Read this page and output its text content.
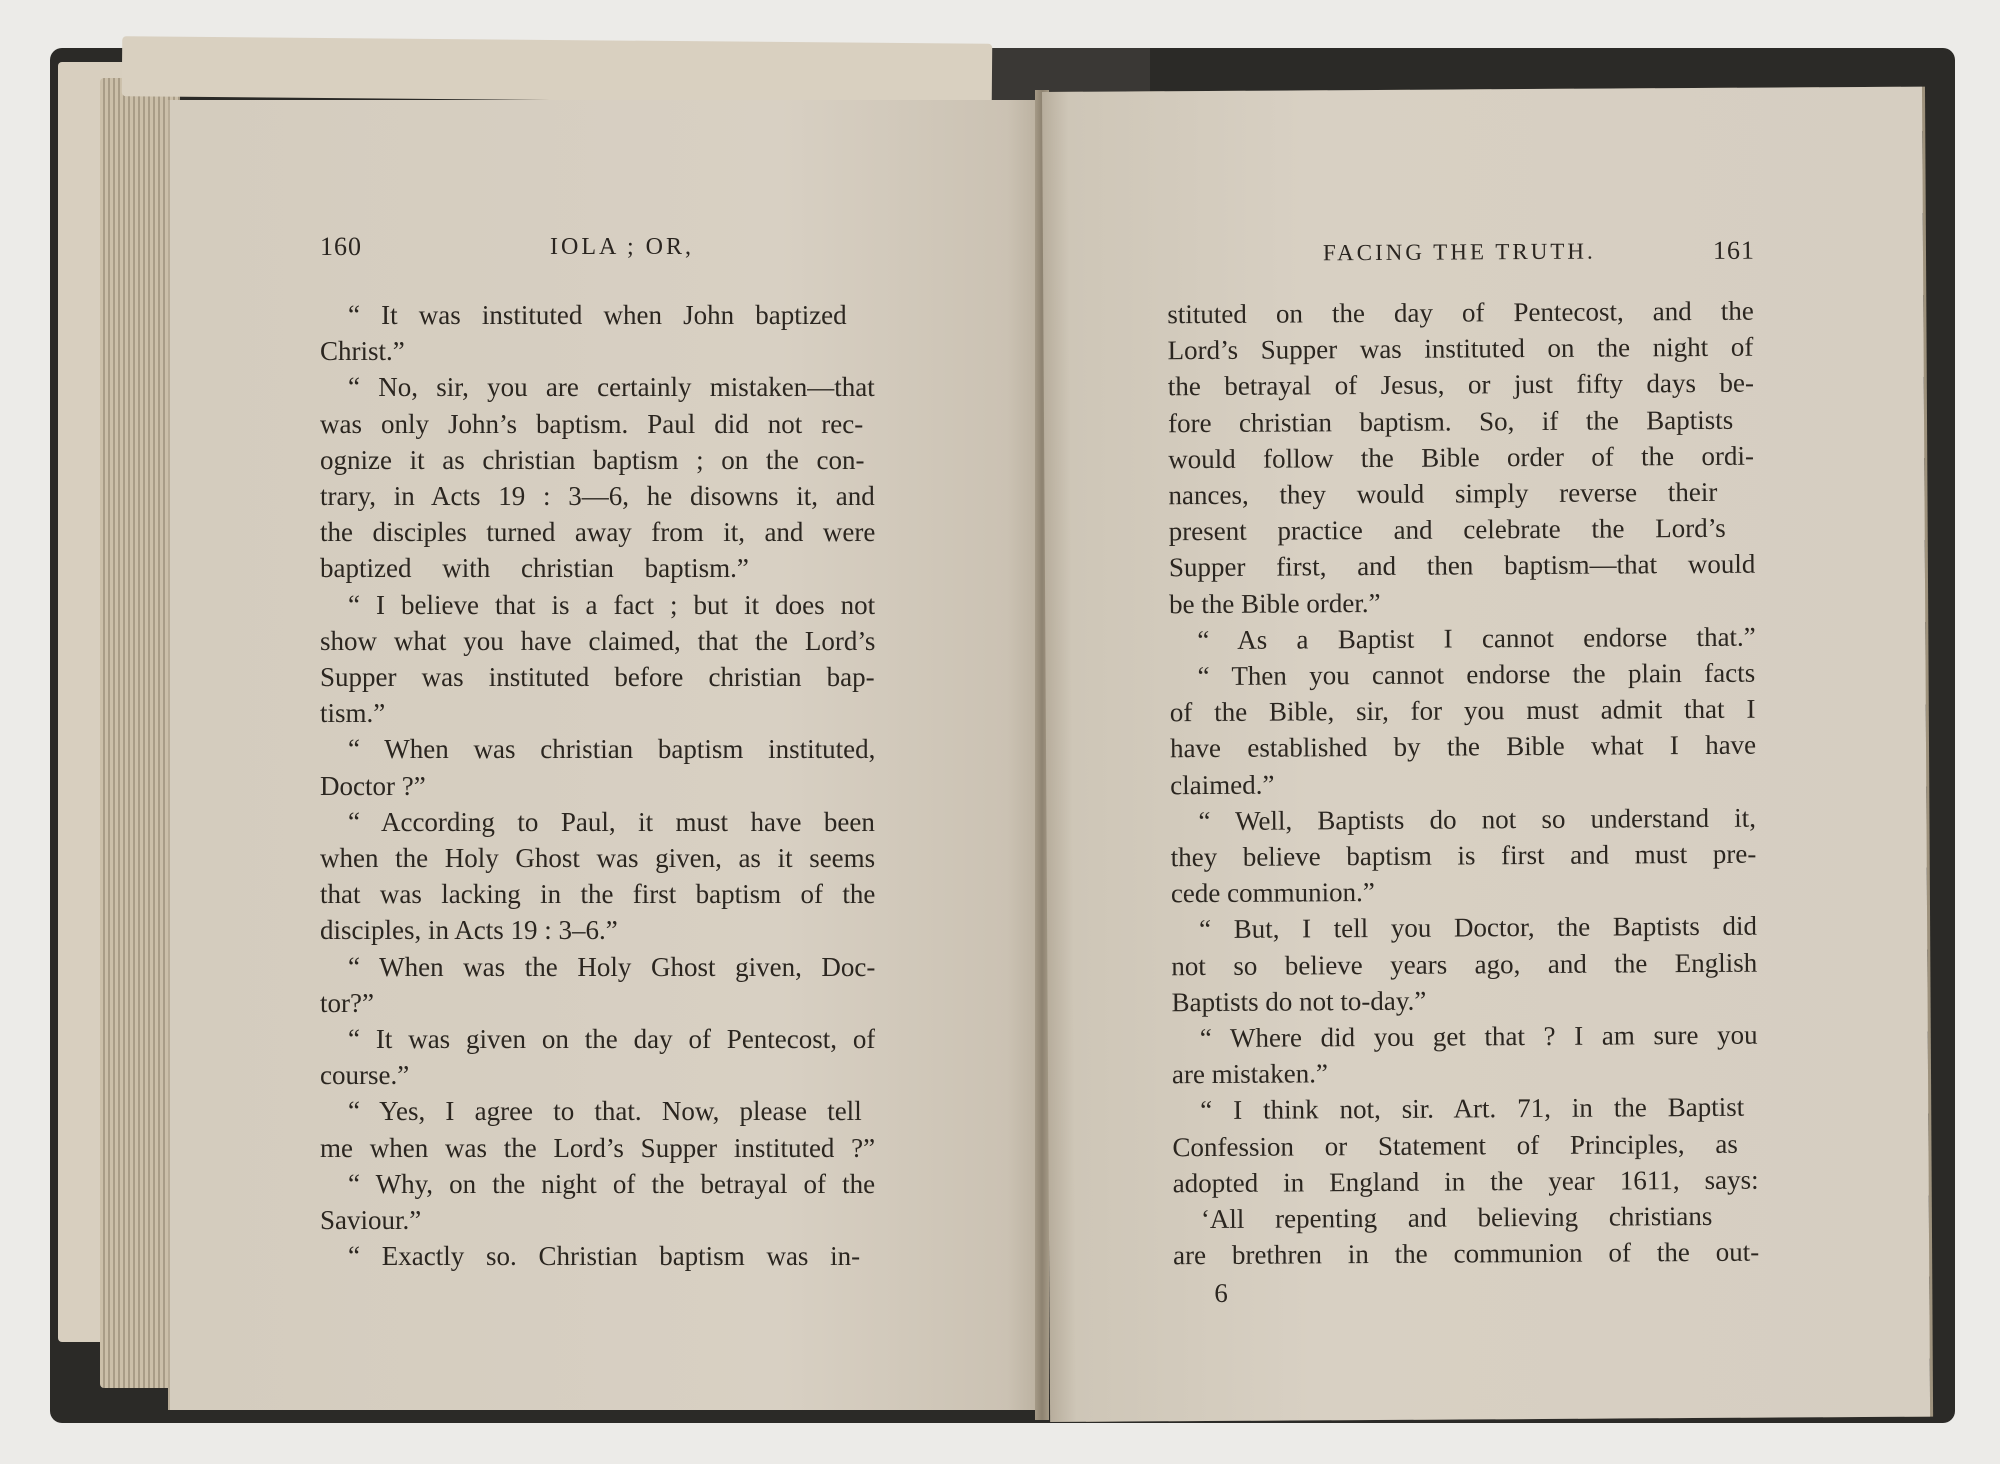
160	IOLA ; OR,
“ It was instituted when John baptized
Christ.”
“ No, sir, you are certainly mistaken—that
was only John’s baptism. Paul did not rec-
ognize it as christian baptism ; on the con-
trary, in Acts 19 : 3—6, he disowns it, and
the disciples turned away from it, and were
baptized with christian baptism.”
“ I believe that is a fact ; but it does not
show what you have claimed, that the Lord’s
Supper was instituted before christian bap-
tism.”
“ When was christian baptism instituted,
Doctor ?”
“ According to Paul, it must have been
when the Holy Ghost was given, as it seems
that was lacking in the first baptism of the
disciples, in Acts 19 : 3–6.”
“ When was the Holy Ghost given, Doc-
tor?”
“ It was given on the day of Pentecost, of
course.”
“ Yes, I agree to that. Now, please tell
me when was the Lord’s Supper instituted ?”
“ Why, on the night of the betrayal of the
Saviour.”
“ Exactly so. Christian baptism was in-
FACING THE TRUTH.	161
stituted on the day of Pentecost, and the
Lord’s Supper was instituted on the night of
the betrayal of Jesus, or just fifty days be-
fore christian baptism. So, if the Baptists
would follow the Bible order of the ordi-
nances, they would simply reverse their
present practice and celebrate the Lord’s
Supper first, and then baptism—that would
be the Bible order.”
“ As a Baptist I cannot endorse that.”
“ Then you cannot endorse the plain facts
of the Bible, sir, for you must admit that I
have established by the Bible what I have
claimed.”
“ Well, Baptists do not so understand it,
they believe baptism is first and must pre-
cede communion.”
“ But, I tell you Doctor, the Baptists did
not so believe years ago, and the English
Baptists do not to-day.”
“ Where did you get that ? I am sure you
are mistaken.”
“ I think not, sir. Art. 71, in the Baptist
Confession or Statement of Principles, as
adopted in England in the year 1611, says:
‘All repenting and believing christians
are brethren in the communion of the out-
6
